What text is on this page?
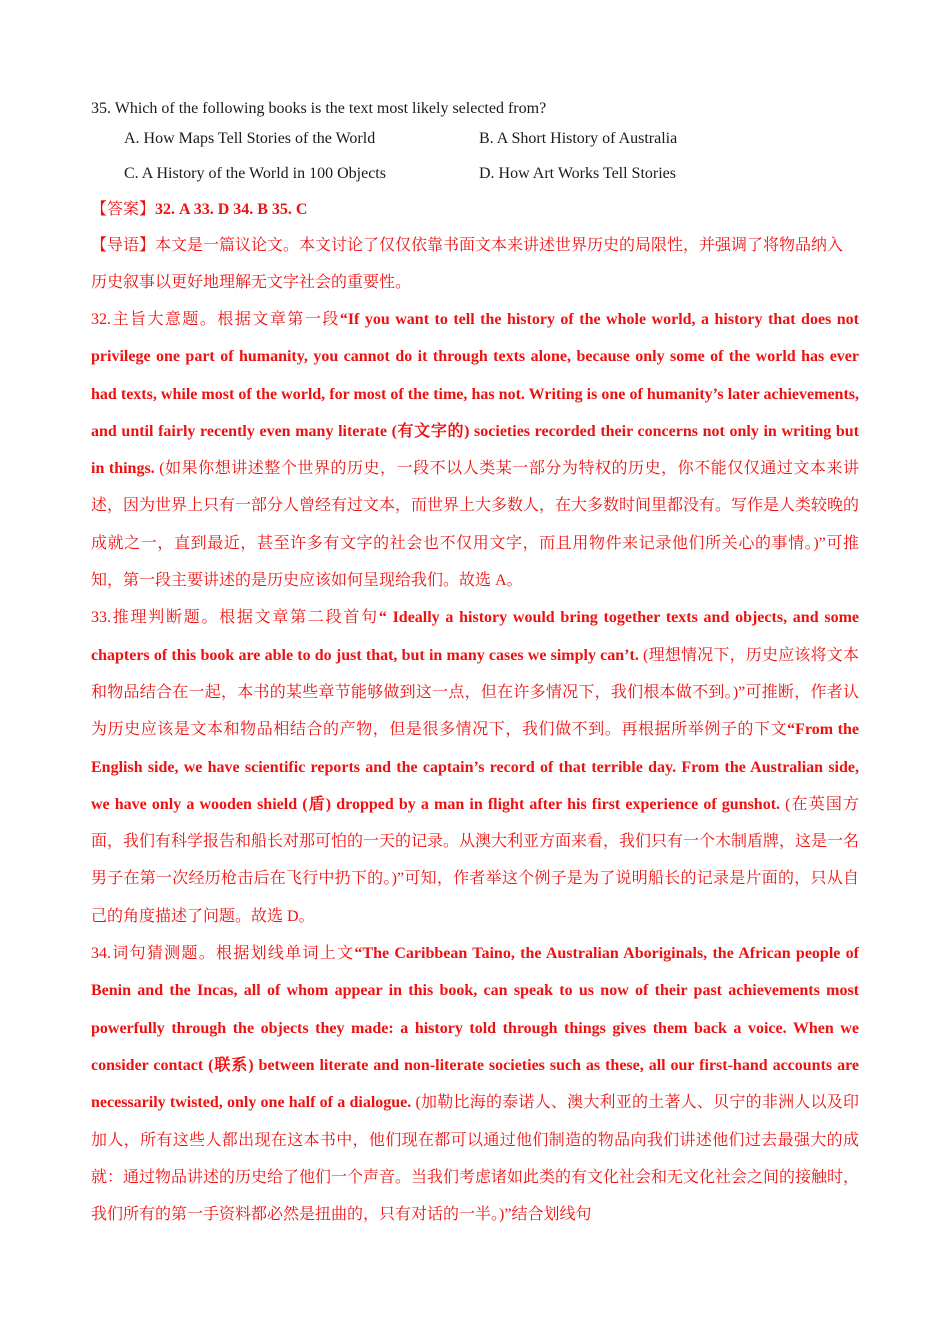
35. Which of the following books is the text most likely selected from?

A. How Maps Tell Stories of the World	B. A Short History of Australia
C. A History of the World in 100 Objects	D. How Art Works Tell Stories

【答案】32. A 33. D 34. B 35. C

【导语】本文是一篇议论文。本文讨论了仅仅依靠书面文本来讲述世界历史的局限性，并强调了将物品纳入历史叙事以更好地理解无文字社会的重要性。

32.主旨大意题。根据文章第一段“If you want to tell the history of the whole world, a history that does not privilege one part of humanity, you cannot do it through texts alone, because only some of the world has ever had texts, while most of the world, for most of the time, has not. Writing is one of humanity’s later achievements, and until fairly recently even many literate (有文字的) societies recorded their concerns not only in writing but in things. (如果你想讲述整个世界的历史，一段不以人类某一部分为特权的历史，你不能仅仅通过文本来讲述，因为世界上只有一部分人曾经有过文本，而世界上大多数人，在大多数时间里都没有。写作是人类较晚的成就之一，直到最近，甚至许多有文字的社会也不仅用文字，而且用物件来记录他们所关心的事情。)”可推知，第一段主要讲述的是历史应该如何呈现给我们。故选 A。

33.推理判断题。根据文章第二段首句“ Ideally a history would bring together texts and objects, and some chapters of this book are able to do just that, but in many cases we simply can’t. (理想情况下，历史应该将文本和物品结合在一起，本书的某些章节能够做到这一点，但在许多情况下，我们根本做不到。)”可推断，作者认为历史应该是文本和物品相结合的产物，但是很多情况下，我们做不到。再根据所举例子的下文“From the English side, we have scientific reports and the captain’s record of that terrible day. From the Australian side, we have only a wooden shield (盾) dropped by a man in flight after his first experience of gunshot. (在英国方面，我们有科学报告和船长对那可怕的一天的记录。从澳大利亚方面来看，我们只有一个木制盾牌，这是一名男子在第一次经历枪击后在飞行中扔下的。)”可知，作者举这个例子是为了说明船长的记录是片面的，只从自己的角度描述了问题。故选 D。

34.词句猜测题。根据划线单词上文“The Caribbean Taino, the Australian Aboriginals, the African people of Benin and the Incas, all of whom appear in this book, can speak to us now of their past achievements most powerfully through the objects they made: a history told through things gives them back a voice. When we consider contact (联系) between literate and non-literate societies such as these, all our first-hand accounts are necessarily twisted, only one half of a dialogue. (加勒比海的泰诺人、澳大利亚的土著人、贝宁的非洲人以及印加人，所有这些人都出现在这本书中，他们现在都可以通过他们制造的物品向我们讲述他们过去最强大的成就：通过物品讲述的历史给了他们一个声音。当我们考虑诸如此类的有文化社会和无文化社会之间的接触时，我们所有的第一手资料都必然是扭曲的，只有对话的一半。)”结合划线句
